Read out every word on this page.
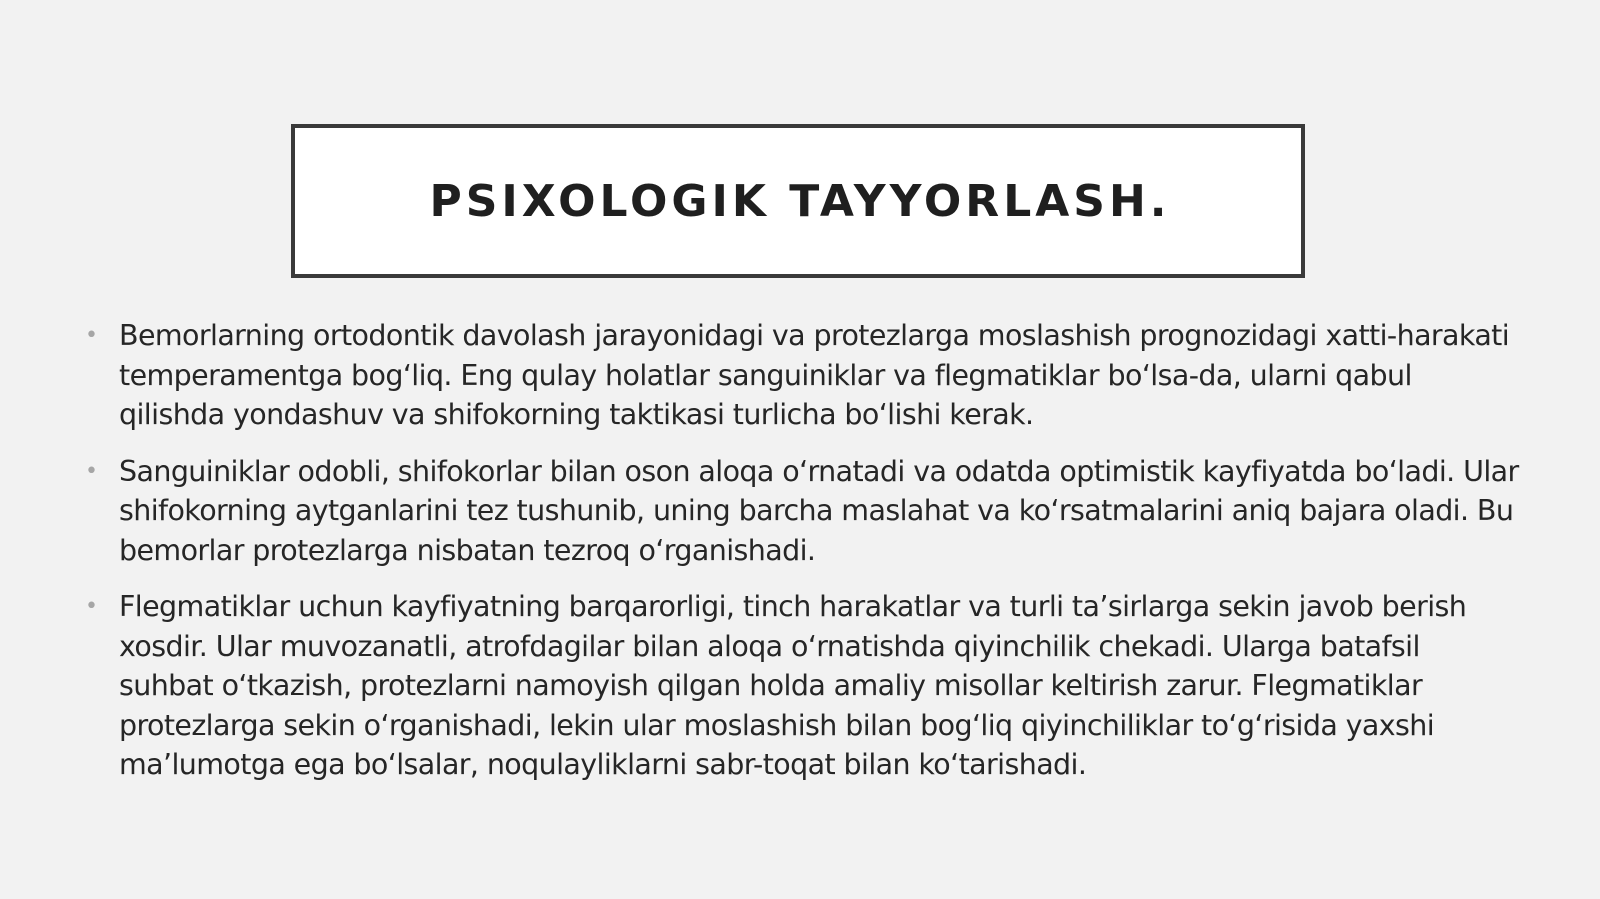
PSIXOLOGIK TAYYORLASH.
• Bemorlarning ortodontik davolash jarayonidagi va protezlarga moslashish prognozidagi xatti-harakati temperamentga bog‘liq. Eng qulay holatlar sanguiniklar va flegmatiklar bo‘lsa-da, ularni qabul qilishda yondashuv va shifokorning taktikasi turlicha bo‘lishi kerak.
• Sanguiniklar odobli, shifokorlar bilan oson aloqa o‘rnatadi va odatda optimistik kayfiyatda bo‘ladi. Ular shifokorning aytganlarini tez tushunib, uning barcha maslahat va ko‘rsatmalarini aniq bajara oladi. Bu bemorlar protezlarga nisbatan tezroq o‘rganishadi.
• Flegmatiklar uchun kayfiyatning barqarorligi, tinch harakatlar va turli ta’sirlarga sekin javob berish xosdir. Ular muvozanatli, atrofdagilar bilan aloqa o‘rnatishda qiyinchilik chekadi. Ularga batafsil suhbat o‘tkazish, protezlarni namoyish qilgan holda amaliy misollar keltirish zarur. Flegmatiklar protezlarga sekin o‘rganishadi, lekin ular moslashish bilan bog‘liq qiyinchiliklar to‘g‘risida yaxshi ma’lumotga ega bo‘lsalar, noqulayliklarni sabr-toqat bilan ko‘tarishadi.
